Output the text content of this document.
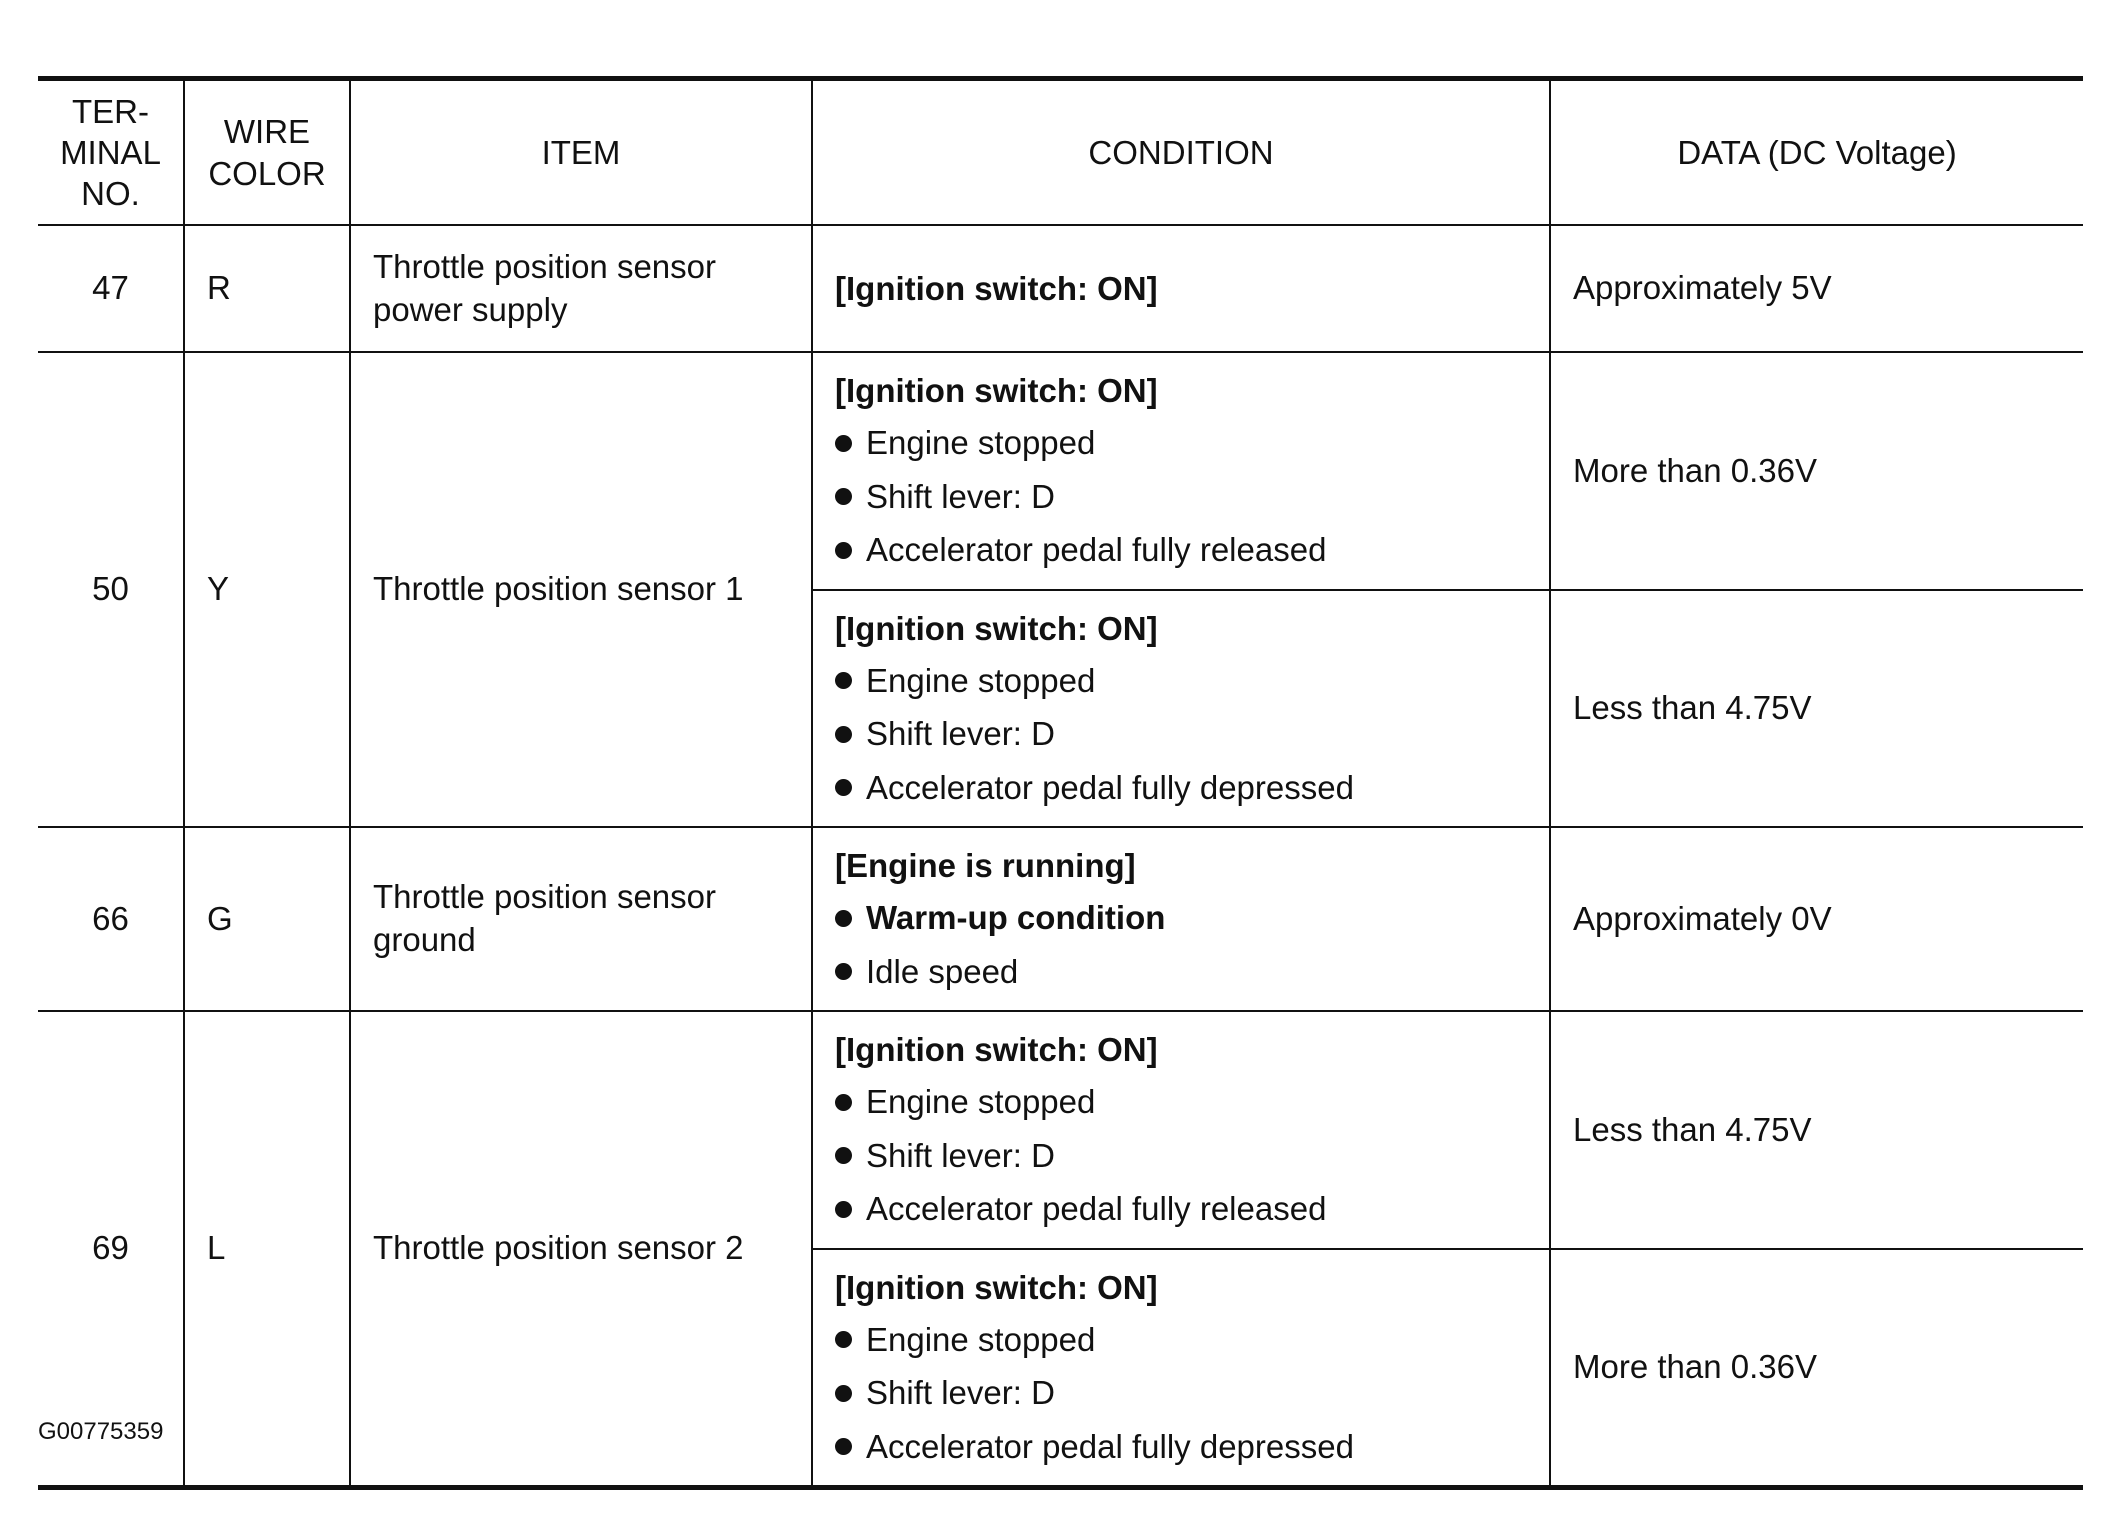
TER-
MINAL
NO.	WIRE
COLOR	ITEM	CONDITION	DATA (DC Voltage)
47	R	Throttle position sensor
power supply	[Ignition switch: ON]	Approximately 5V
50	Y	Throttle position sensor 1	[Ignition switch: ON]
Engine stopped
Shift lever: D
Accelerator pedal fully released	More than 0.36V

			[Ignition switch: ON]
Engine stopped
Shift lever: D
Accelerator pedal fully depressed	Less than 4.75V
66	G	Throttle position sensor
ground	[Engine is running]
Warm-up condition
Idle speed	Approximately 0V
69	L	Throttle position sensor 2	[Ignition switch: ON]
Engine stopped
Shift lever: D
Accelerator pedal fully released	Less than 4.75V

			[Ignition switch: ON]
Engine stopped
Shift lever: D
Accelerator pedal fully depressed	More than 0.36V
G00775359
